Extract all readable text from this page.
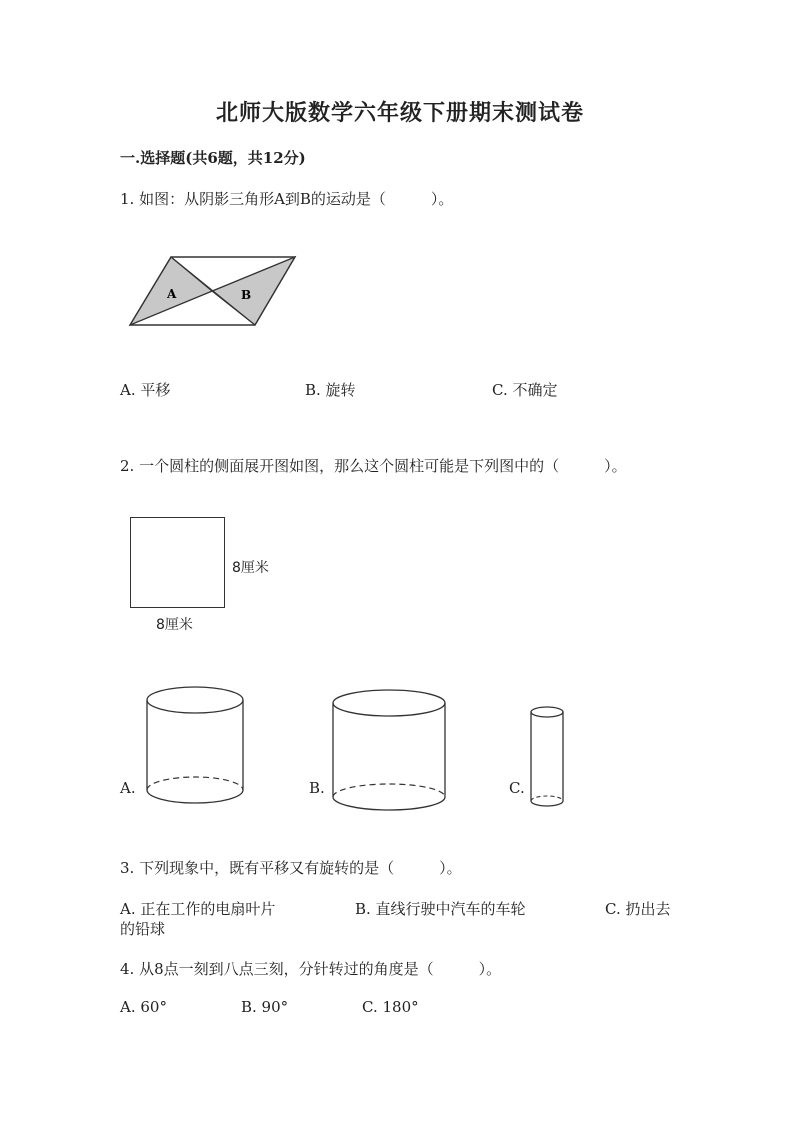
北师大版数学六年级下册期末测试卷
一.选择题(共6题，共12分)
1. 如图：从阴影三角形A到B的运动是（　　　）。
A	B
A. 平移	B. 旋转	C. 不确定
2. 一个圆柱的侧面展开图如图，那么这个圆柱可能是下列图中的（　　　）。
8厘米
8厘米
A.	B.	C.
3. 下列现象中，既有平移又有旋转的是（　　　）。
A. 正在工作的电扇叶片	B. 直线行驶中汽车的车轮	C. 扔出去
的铅球
4. 从8点一刻到八点三刻，分针转过的角度是（　　　）。
A. 60°	B. 90°	C. 180°
